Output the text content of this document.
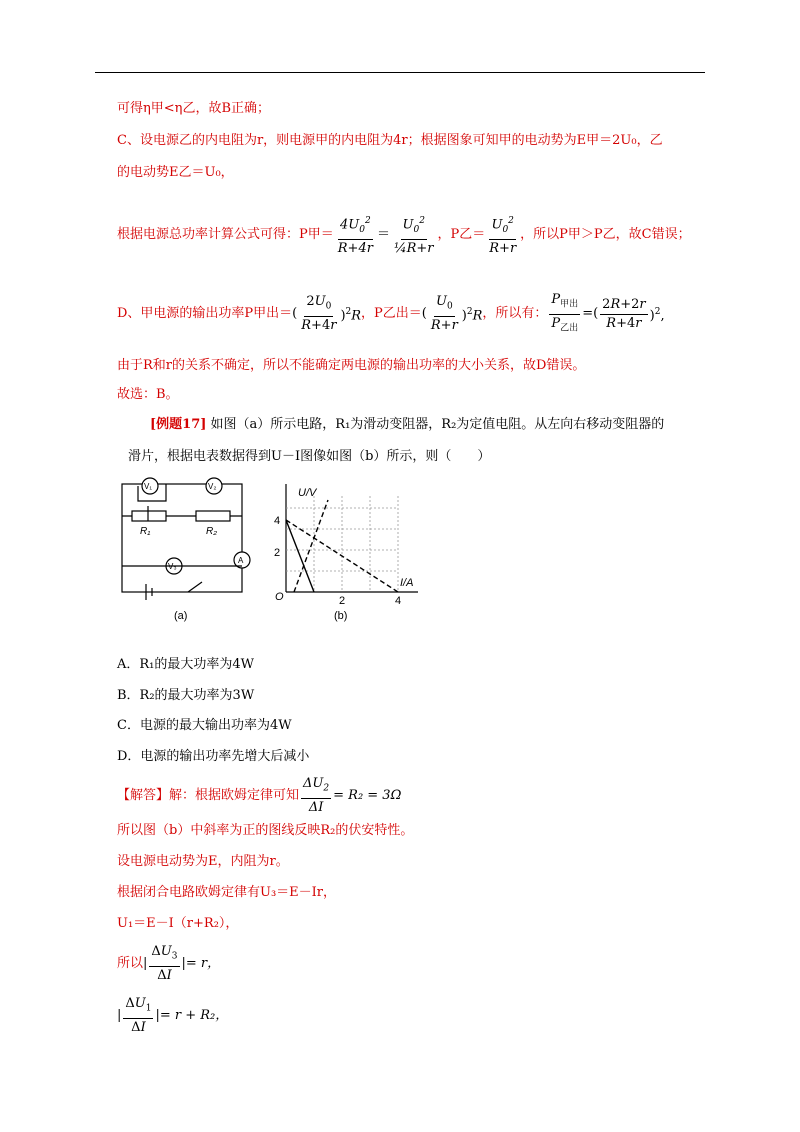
可得η甲<η乙，故B正确；
C、设电源乙的内电阻为r，则电源甲的内电阻为4r；根据图象可知甲的电动势为E甲＝2U₀，乙
的电动势E乙＝U₀，
根据电源总功率计算公式可得：P甲＝ $\frac{4U_0^2}{R+4r} = \frac{U_0^2}{\text{¼R+r}}$ ，P乙＝ $\frac{U_0^2}{R+r}$ ，所以P甲＞P乙，故C错误；
D、甲电源的输出功率P甲出＝ ( $\frac{2U_0}{R+4r} )^2R$ ，P乙出＝ ( $\frac{U_0}{R+r} )^2R$ ，所以有： $\frac{P_{甲出}}{P_{乙出}}$ =( $\frac{2R+2r}{R+4r} )^2$,
由于R和r的关系不确定，所以不能确定两电源的输出功率的大小关系，故D错误。
故选：B。
[例题17] 如图（a）所示电路，R₁为滑动变阻器，R₂为定值电阻。从左向右移动变阻器的
滑片，根据电表数据得到U－I图像如图（b）所示，则（　　）
R₁	R₂
V₁	V₂
V₃
A
(a)
U/V
I/A
O
4
2
2	4
(b)
A．R₁的最大功率为4W
B．R₂的最大功率为3W
C．电源的最大输出功率为4W
D．电源的输出功率先增大后减小
【解答】 解：根据欧姆定律可知 $\frac{\Delta U_2}{\Delta I} = R_2 = 3\Omega$
所以图（b）中斜率为正的图线反映R₂的伏安特性。
设电源电动势为E，内阻为r。
根据闭合电路欧姆定律有U₃＝E－Ir，
U₁＝E－I（r+R₂），
所以 | $\frac{\Delta U_3}{\Delta I}$ | = r，
| $\frac{\Delta U_1}{\Delta I}$ | = r + R₂，
